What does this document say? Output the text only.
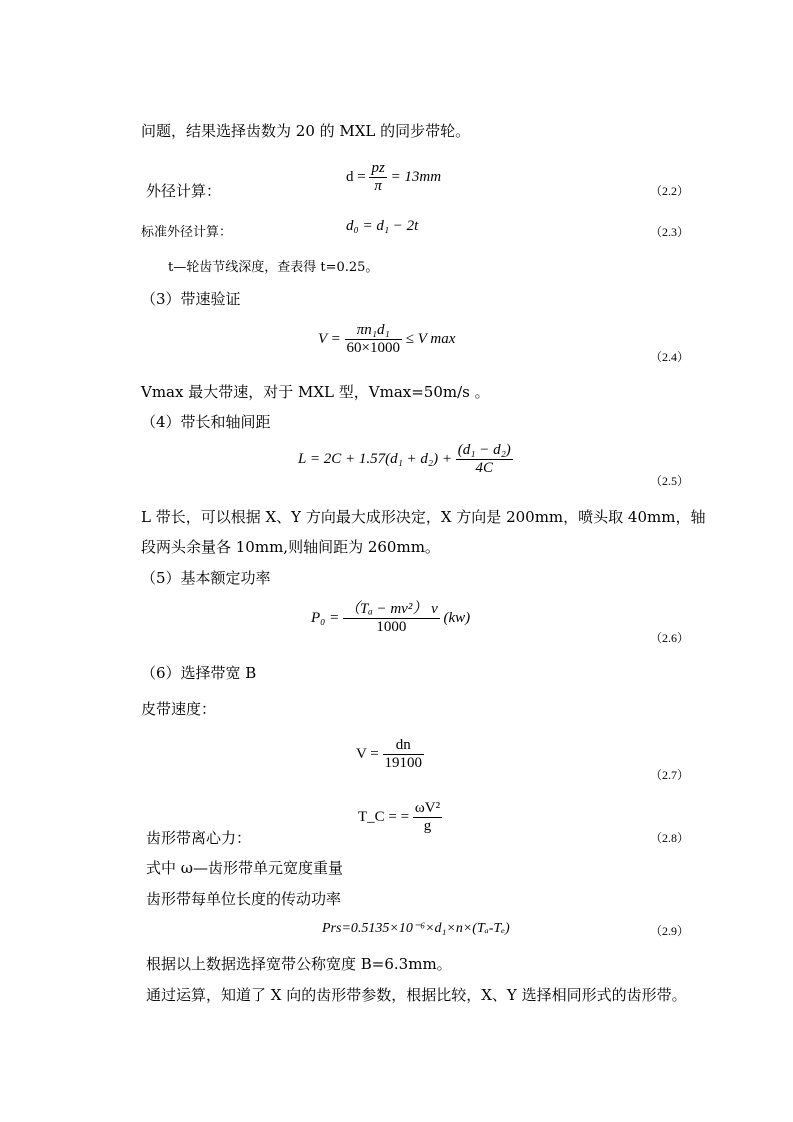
问题，结果选择齿数为 20 的 MXL 的同步带轮。
$d = \frac{pz}{\pi} = 13mm$
外径计算：	（2.2）
标准外径计算：	d₀ = d₁ − 2t	（2.3）
t—轮齿节线深度，查表得 t=0.25。
（3）带速验证
$V = \frac{\text{πn₁d₁}}{60\times 1000} \le V$ max
（2.4）
Vmax 最大带速，对于 MXL 型，Vmax=50m/s 。
（4）带长和轴间距
$L = 2C + 1.57(d_1 + d_2) + \frac{\text{(d₁ − d₂)}}{4C}$
（2.5）
L 带长，可以根据 X、Y 方向最大成形决定，X 方向是 200mm，喷头取 40mm，轴
段两头余量各 10mm,则轴间距为 260mm。
（5）基本额定功率
$P_0 = \frac{\text{（Tₐ − mv²） v}}{1000} (kw)$
（2.6）
（6）选择带宽 B
皮带速度：
$V = \frac{dn}{19100}$
（2.7）
T_C = = $\frac{\text{ωV²}}{g}$
齿形带离心力：	（2.8）
式中 ω—齿形带单元宽度重量
齿形带每单位长度的传动功率
Prs=0.5135×10⁻⁶×d₁×n×(Tₐ-Tₑ)	（2.9）
根据以上数据选择宽带公称宽度 B=6.3mm。
通过运算，知道了 X 向的齿形带参数，根据比较，X、Y 选择相同形式的齿形带。
